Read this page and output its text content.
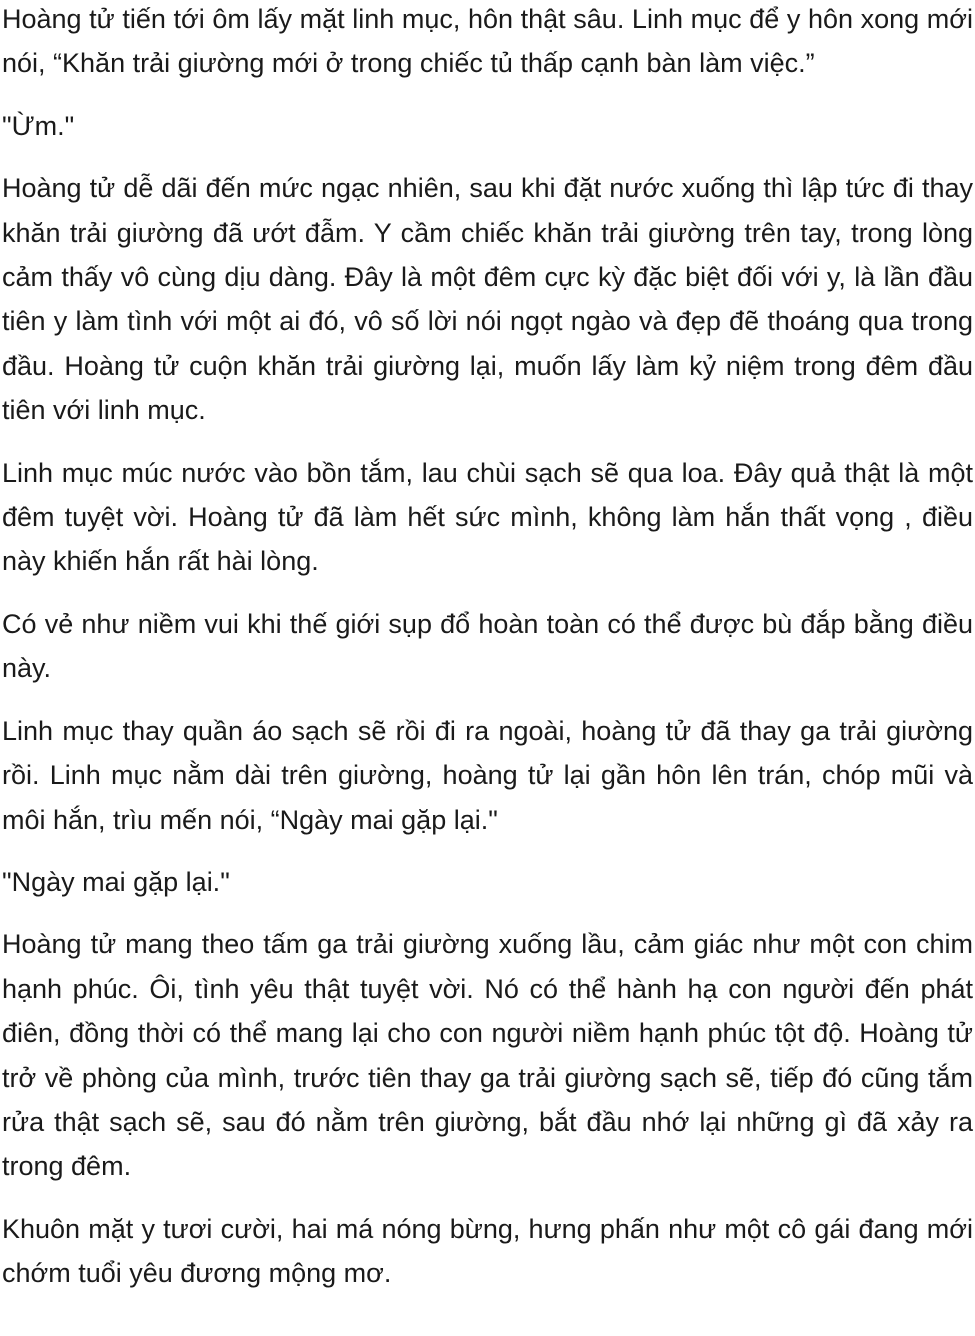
Hoàng tử tiến tới ôm lấy mặt linh mục, hôn thật sâu. Linh mục để y hôn xong mới nói, “Khăn trải giường mới ở trong chiếc tủ thấp cạnh bàn làm việc.”

"Ừm."

Hoàng tử dễ dãi đến mức ngạc nhiên, sau khi đặt nước xuống thì lập tức đi thay khăn trải giường đã ướt đẫm. Y cầm chiếc khăn trải giường trên tay, trong lòng cảm thấy vô cùng dịu dàng. Đây là một đêm cực kỳ đặc biệt đối với y, là lần đầu tiên y làm tình với một ai đó, vô số lời nói ngọt ngào và đẹp đẽ thoáng qua trong đầu. Hoàng tử cuộn khăn trải giường lại, muốn lấy làm kỷ niệm trong đêm đầu tiên với linh mục.

Linh mục múc nước vào bồn tắm, lau chùi sạch sẽ qua loa. Đây quả thật là một đêm tuyệt vời. Hoàng tử đã làm hết sức mình, không làm hắn thất vọng , điều này khiến hắn rất hài lòng.

Có vẻ như niềm vui khi thế giới sụp đổ hoàn toàn có thể được bù đắp bằng điều này.

Linh mục thay quần áo sạch sẽ rồi đi ra ngoài, hoàng tử đã thay ga trải giường rồi. Linh mục nằm dài trên giường, hoàng tử lại gần hôn lên trán, chóp mũi và môi hắn, trìu mến nói, “Ngày mai gặp lại."

"Ngày mai gặp lại."

Hoàng tử mang theo tấm ga trải giường xuống lầu, cảm giác như một con chim hạnh phúc. Ôi, tình yêu thật tuyệt vời. Nó có thể hành hạ con người đến phát điên, đồng thời có thể mang lại cho con người niềm hạnh phúc tột độ. Hoàng tử trở về phòng của mình, trước tiên thay ga trải giường sạch sẽ, tiếp đó cũng tắm rửa thật sạch sẽ, sau đó nằm trên giường, bắt đầu nhớ lại những gì đã xảy ra trong đêm.

Khuôn mặt y tươi cười, hai má nóng bừng, hưng phấn như một cô gái đang mới chớm tuổi yêu đương mộng mơ.
